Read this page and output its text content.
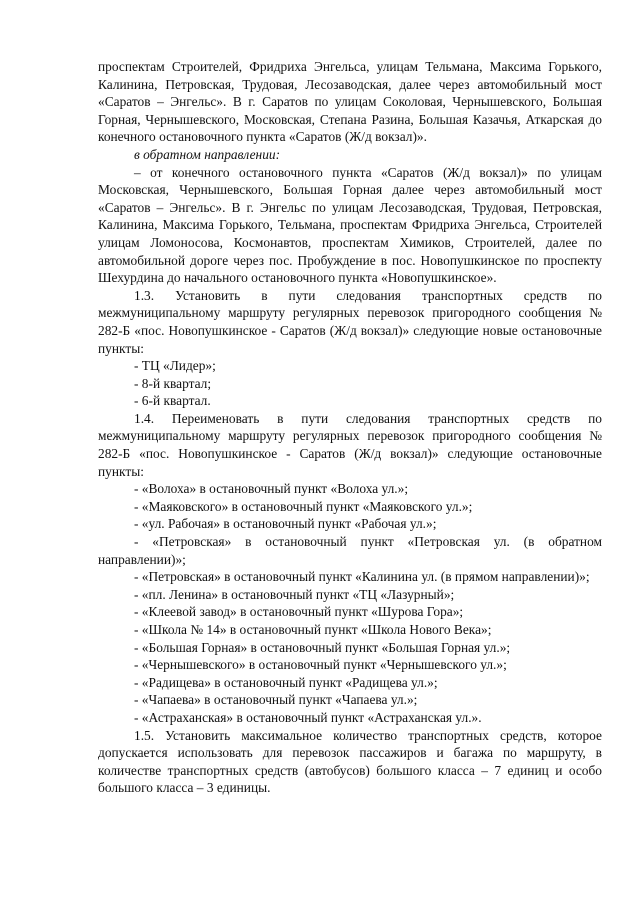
проспектам Строителей, Фридриха Энгельса, улицам Тельмана, Максима Горького, Калинина, Петровская, Трудовая, Лесозаводская, далее через автомобильный мост «Саратов – Энгельс». В г. Саратов по улицам Соколовая, Чернышевского, Большая Горная, Чернышевского, Московская, Степана Разина, Большая Казачья, Аткарская до конечного остановочного пункта «Саратов (Ж/д вокзал)».

в обратном направлении:

– от конечного остановочного пункта «Саратов (Ж/д вокзал)» по улицам Московская, Чернышевского, Большая Горная далее через автомобильный мост «Саратов – Энгельс». В г. Энгельс по улицам Лесозаводская, Трудовая, Петровская, Калинина, Максима Горького, Тельмана, проспектам Фридриха Энгельса, Строителей улицам Ломоносова, Космонавтов, проспектам Химиков, Строителей, далее по автомобильной дороге через пос. Пробуждение в пос. Новопушкинское по проспекту Шехурдина до начального остановочного пункта «Новопушкинское».

1.3. Установить в пути следования транспортных средств по межмуниципальному маршруту регулярных перевозок пригородного сообщения № 282-Б «пос. Новопушкинское - Саратов (Ж/д вокзал)» следующие новые остановочные пункты:

- ТЦ «Лидер»;

- 8-й квартал;

- 6-й квартал.

1.4. Переименовать в пути следования транспортных средств по межмуниципальному маршруту регулярных перевозок пригородного сообщения № 282-Б «пос. Новопушкинское - Саратов (Ж/д вокзал)» следующие остановочные пункты:

- «Волоха» в остановочный пункт «Волоха ул.»;

- «Маяковского» в остановочный пункт «Маяковского ул.»;

- «ул. Рабочая» в остановочный пункт «Рабочая ул.»;

- «Петровская» в остановочный пункт «Петровская ул. (в обратном направлении)»;

- «Петровская» в остановочный пункт «Калинина ул. (в прямом направлении)»;

- «пл. Ленина» в остановочный пункт «ТЦ «Лазурный»;

- «Клеевой завод» в остановочный пункт «Шурова Гора»;

- «Школа № 14» в остановочный пункт «Школа Нового Века»;

- «Большая Горная» в остановочный пункт «Большая Горная ул.»;

- «Чернышевского» в остановочный пункт «Чернышевского ул.»;

- «Радищева» в остановочный пункт «Радищева ул.»;

- «Чапаева» в остановочный пункт «Чапаева ул.»;

- «Астраханская» в остановочный пункт «Астраханская ул.».

1.5. Установить максимальное количество транспортных средств, которое допускается использовать для перевозок пассажиров и багажа по маршруту, в количестве транспортных средств (автобусов) большого класса – 7 единиц и особо большого класса – 3 единицы.
